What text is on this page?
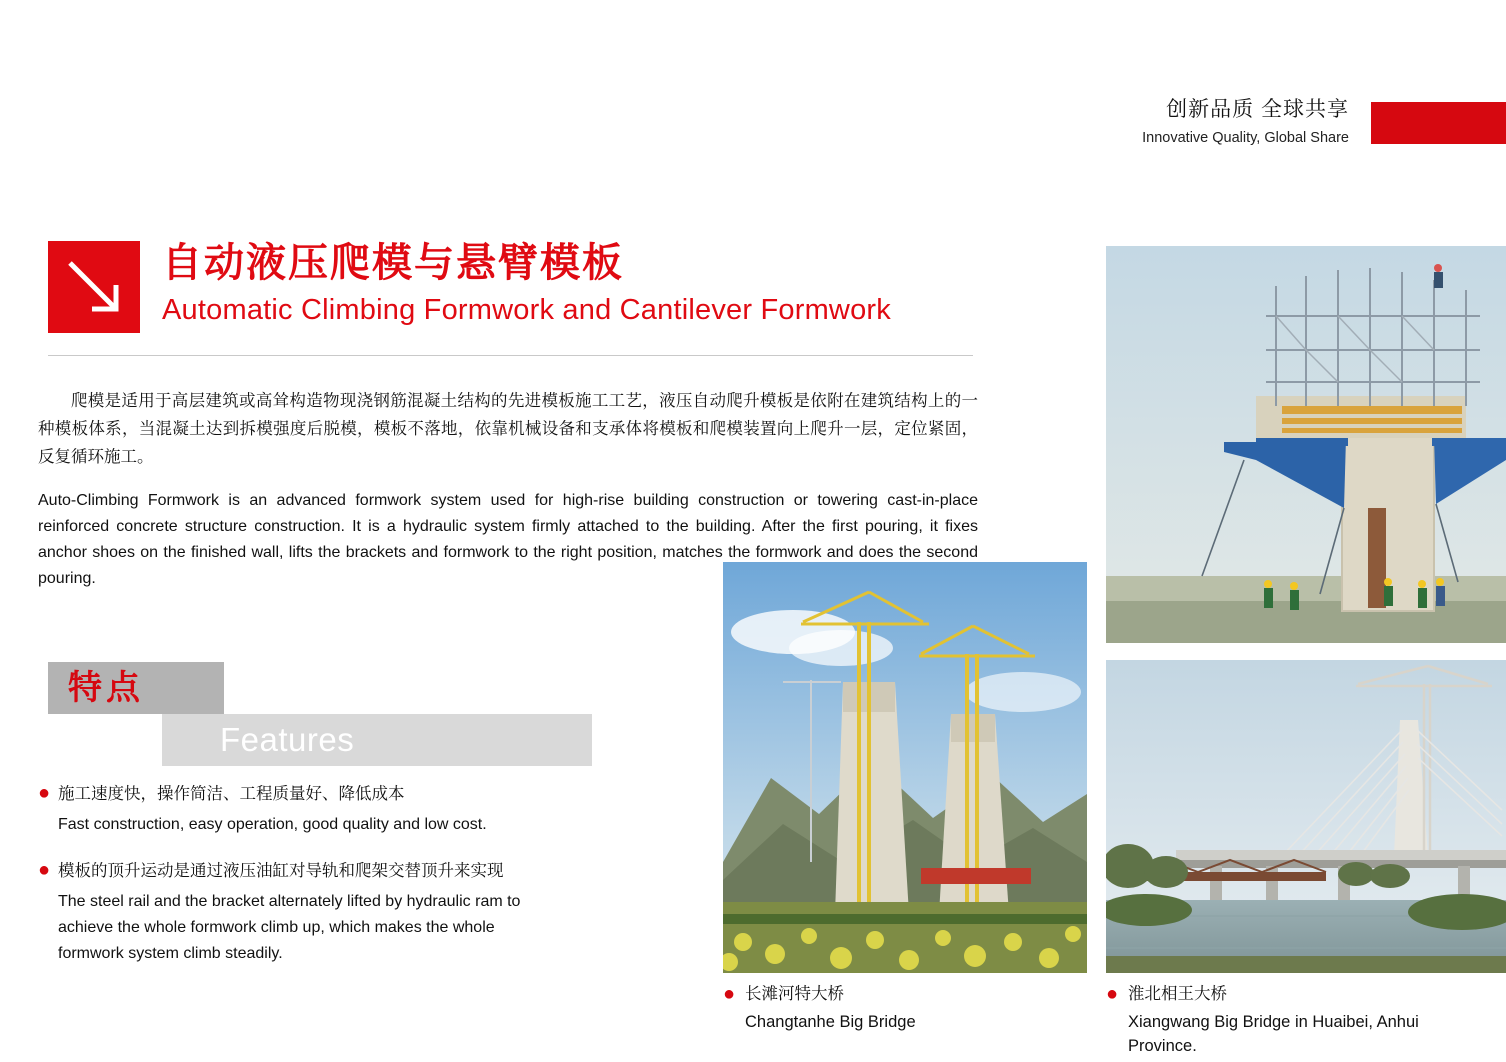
创新品质 全球共享
Innovative Quality, Global Share
自动液压爬模与悬臂模板
Automatic Climbing Formwork and Cantilever Formwork

爬模是适用于高层建筑或高耸构造物现浇钢筋混凝土结构的先进模板施工工艺，液压自动爬升模板是依附在建筑结构上的一种模板体系，当混凝土达到拆模强度后脱模，模板不落地，依靠机械设备和支承体将模板和爬模装置向上爬升一层，定位紧固，反复循环施工。

Auto-Climbing Formwork is an advanced formwork system used for high-rise building construction or towering cast-in-place reinforced concrete structure construction. It is a hydraulic system firmly attached to the building. After the first pouring, it fixes anchor shoes on the finished wall, lifts the brackets and formwork to the right position, matches the formwork and does the second pouring.

特点
Features
● 施工速度快，操作简洁、工程质量好、降低成本
Fast construction, easy operation, good quality and low cost.
● 模板的顶升运动是通过液压油缸对导轨和爬架交替顶升来实现
The steel rail and the bracket alternately lifted by hydraulic ram to achieve the whole formwork climb up, which makes the whole formwork system climb steadily.
● 长滩河特大桥
Changtanhe Big Bridge
● 淮北相王大桥
Xiangwang Big Bridge in Huaibei, Anhui Province.
